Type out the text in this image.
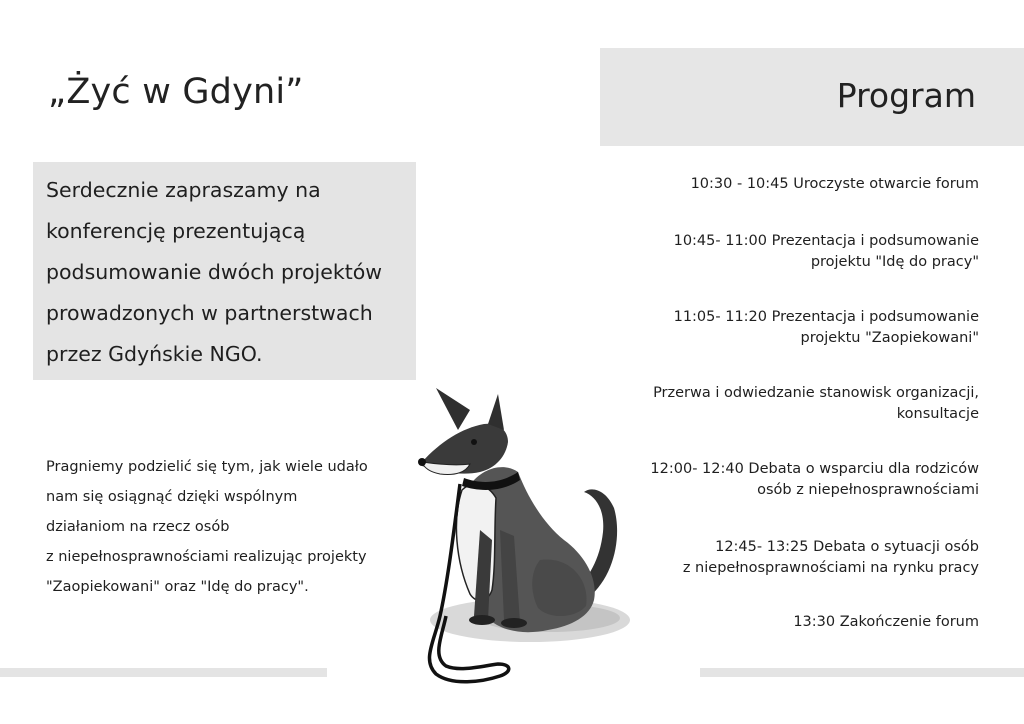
„Żyć w Gdyni”
Serdecznie zapraszamy na
konferencję prezentującą
podsumowanie dwóch projektów
prowadzonych w partnerstwach
przez Gdyńskie NGO.
Pragniemy podzielić się tym, jak wiele udało
nam się osiągnąć dzięki wspólnym
działaniom na rzecz osób
z niepełnosprawnościami realizując projekty
"Zaopiekowani" oraz "Idę do pracy".
Program
10:30 - 10:45 Uroczyste otwarcie forum
10:45- 11:00 Prezentacja i podsumowanie
projektu "Idę do pracy"
11:05- 11:20 Prezentacja i podsumowanie
projektu "Zaopiekowani"
Przerwa i odwiedzanie stanowisk organizacji,
konsultacje
12:00- 12:40 Debata o wsparciu dla rodziców
osób z niepełnosprawnościami
12:45- 13:25 Debata o sytuacji osób
z niepełnosprawnościami na rynku pracy
13:30 Zakończenie forum
